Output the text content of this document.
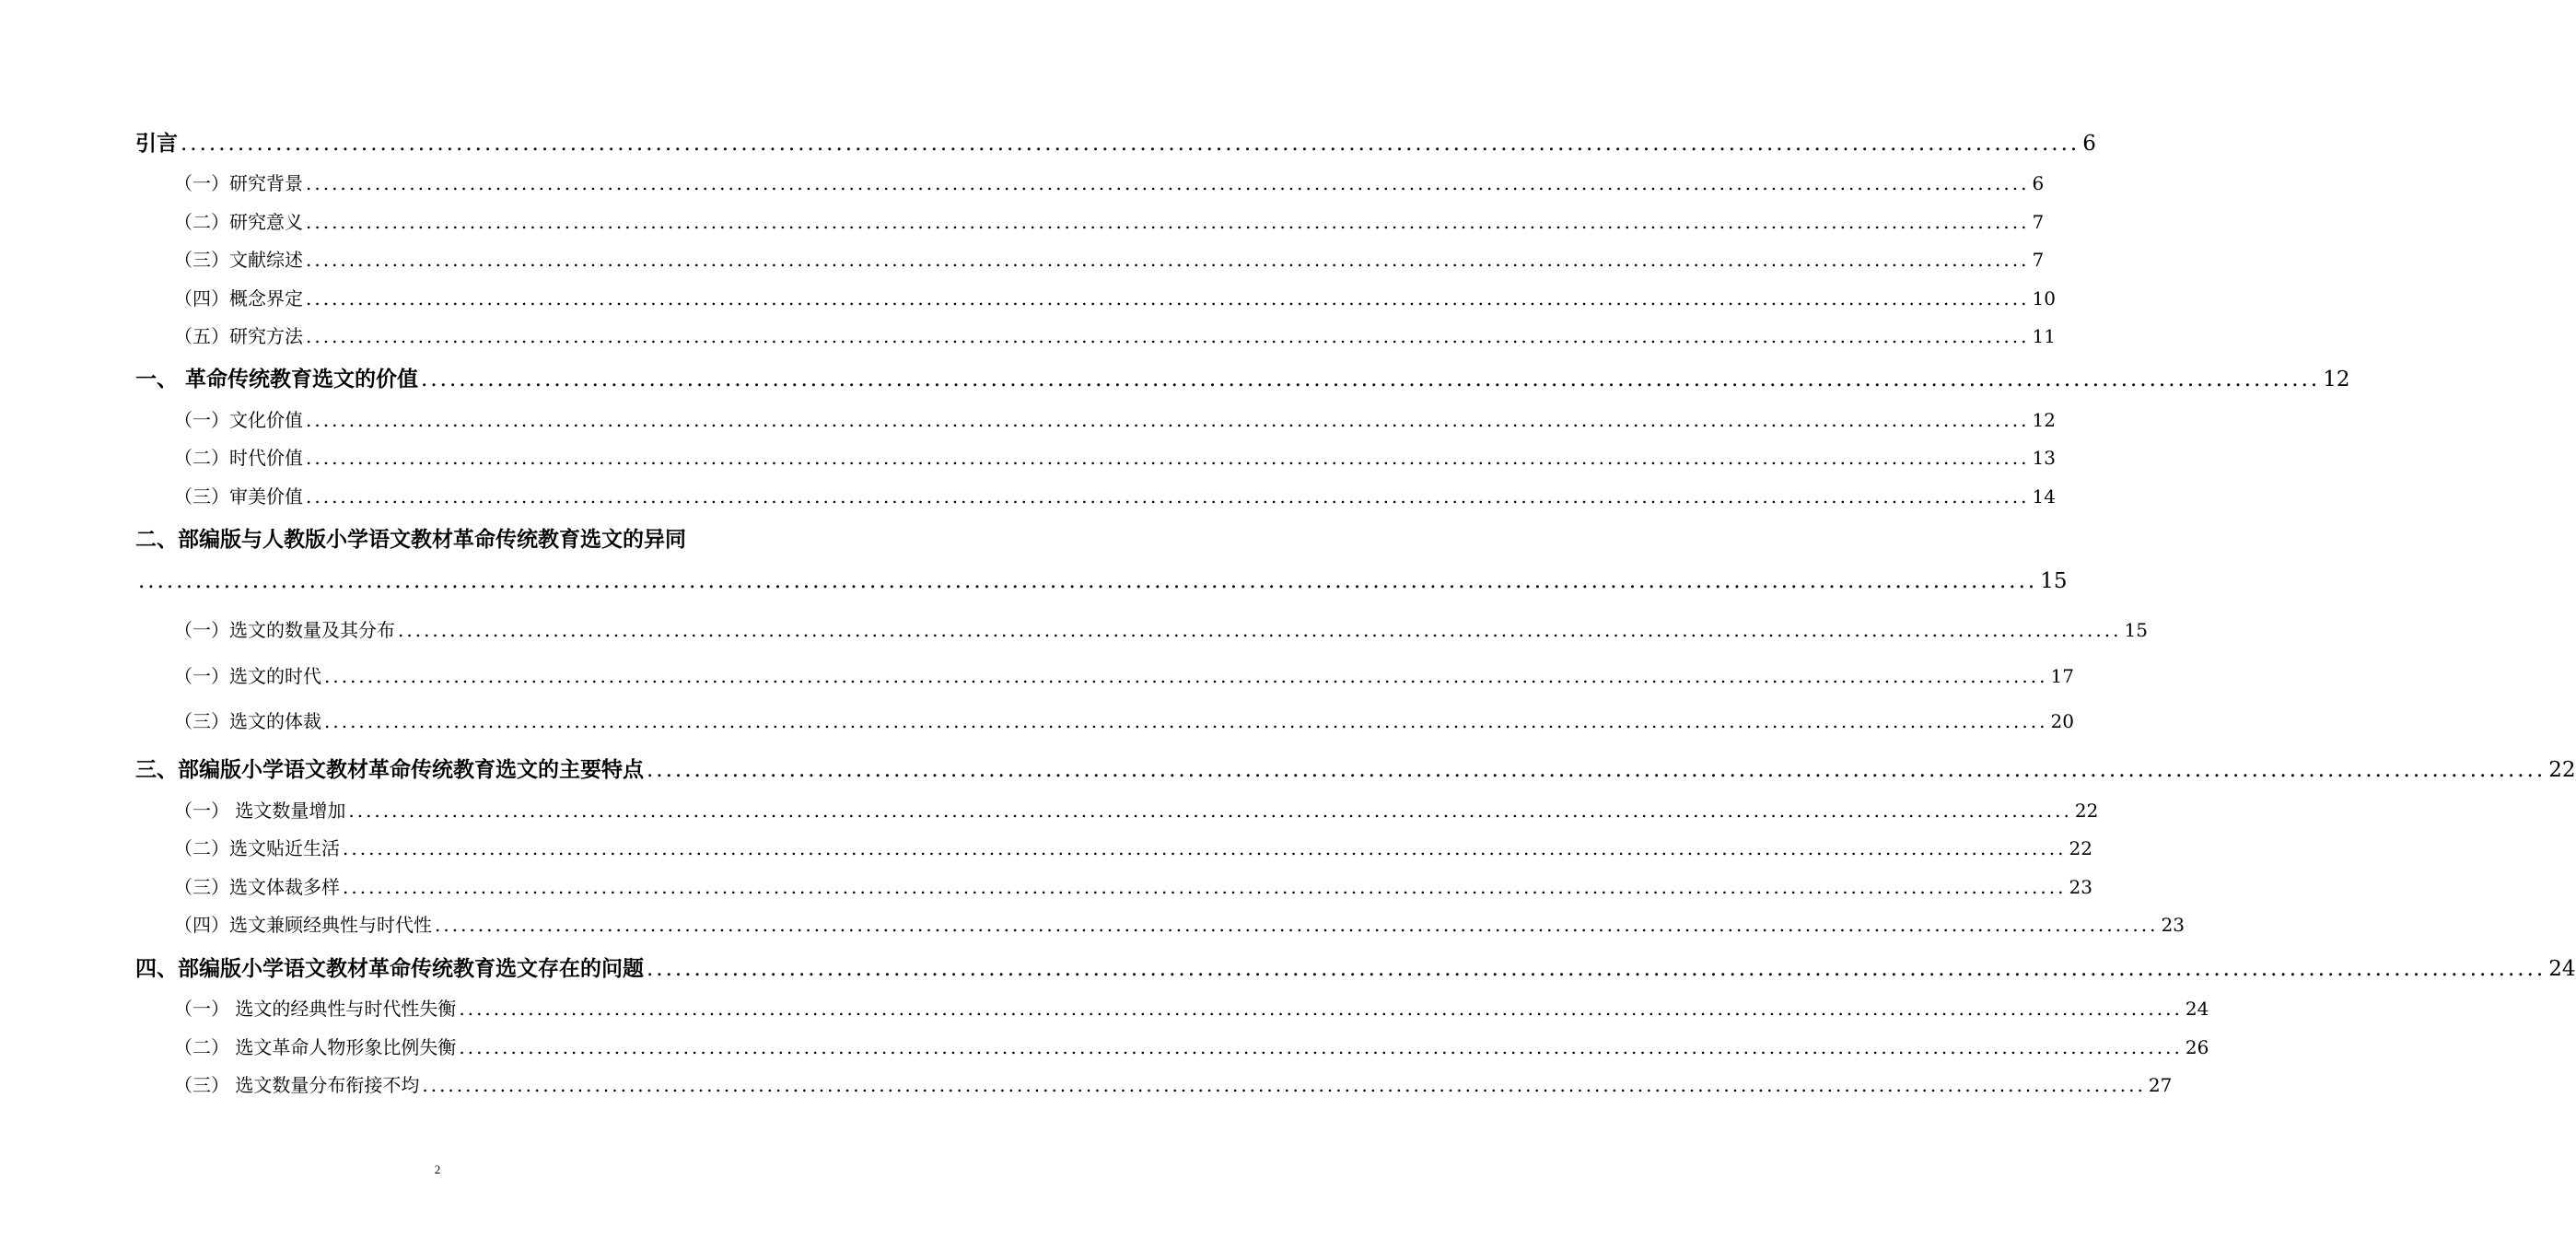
引言 ........................................................................................................................................................................................................ 6
（一）研究背景 ........................................................................................................................................................................................................ 6
（二）研究意义 ........................................................................................................................................................................................................ 7
（三）文献综述 ........................................................................................................................................................................................................ 7
（四）概念界定 ........................................................................................................................................................................................................ 10
（五）研究方法 ........................................................................................................................................................................................................ 11
一、 革命传统教育选文的价值 ........................................................................................................................................................................................................ 12
（一）文化价值 ........................................................................................................................................................................................................ 12
（二）时代价值 ........................................................................................................................................................................................................ 13
（三）审美价值 ........................................................................................................................................................................................................ 14
二、部编版与人教版小学语文教材革命传统教育选文的异同
........................................................................................................................................................................................................ 15
（一）选文的数量及其分布 ........................................................................................................................................................................................................ 15
（一）选文的时代 ........................................................................................................................................................................................................ 17
（三）选文的体裁 ........................................................................................................................................................................................................ 20
三、部编版小学语文教材革命传统教育选文的主要特点 ........................................................................................................................................................................................................ 22
（一） 选文数量增加 ........................................................................................................................................................................................................ 22
（二）选文贴近生活 ........................................................................................................................................................................................................ 22
（三）选文体裁多样 ........................................................................................................................................................................................................ 23
（四）选文兼顾经典性与时代性 ........................................................................................................................................................................................................ 23
四、部编版小学语文教材革命传统教育选文存在的问题 ........................................................................................................................................................................................................ 24
（一） 选文的经典性与时代性失衡 ........................................................................................................................................................................................................ 24
（二） 选文革命人物形象比例失衡 ........................................................................................................................................................................................................ 26
（三） 选文数量分布衔接不均 ........................................................................................................................................................................................................ 27
2
